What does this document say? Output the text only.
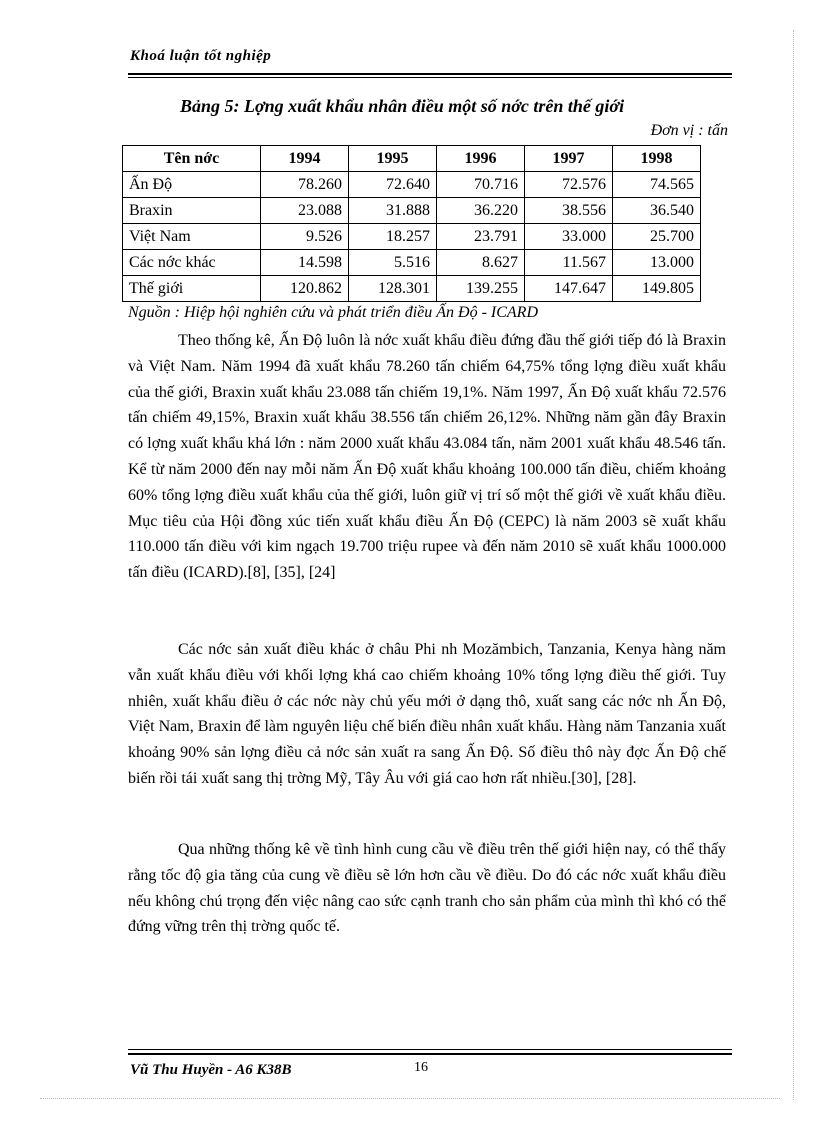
Khoá luận tốt nghiệp
Bảng 5: Lợng xuất khẩu nhân điều một số nớc trên thế giới
Đơn vị : tấn
Tên nớc	1994	1995	1996	1997	1998
Ấn Độ	78.260	72.640	70.716	72.576	74.565
Braxin	23.088	31.888	36.220	38.556	36.540
Việt Nam	9.526	18.257	23.791	33.000	25.700
Các nớc khác	14.598	5.516	8.627	11.567	13.000
Thế giới	120.862	128.301	139.255	147.647	149.805
Nguồn : Hiệp hội nghiên cứu và phát triển điều Ấn Độ - ICARD

Theo thống kê, Ấn Độ luôn là nớc xuất khẩu điều đứng đầu thế giới tiếp đó là Braxin và Việt Nam. Năm 1994 đã xuất khẩu 78.260 tấn chiếm 64,75% tổng lợng điều xuất khẩu của thế giới, Braxin xuất khẩu 23.088 tấn chiếm 19,1%. Năm 1997, Ấn Độ xuất khẩu 72.576 tấn chiếm 49,15%, Braxin xuất khẩu 38.556 tấn chiếm 26,12%. Những năm gần đây Braxin có lợng xuất khẩu khá lớn : năm 2000 xuất khẩu 43.084 tấn, năm 2001 xuất khẩu 48.546 tấn. Kể từ năm 2000 đến nay mỗi năm Ấn Độ xuất khẩu khoảng 100.000 tấn điều, chiếm khoảng 60% tổng lợng điều xuất khẩu của thế giới, luôn giữ vị trí số một thế giới về xuất khẩu điều. Mục tiêu của Hội đồng xúc tiến xuất khẩu điều Ấn Độ (CEPC) là năm 2003 sẽ xuất khẩu 110.000 tấn điều với kim ngạch 19.700 triệu rupee và đến năm 2010 sẽ xuất khẩu 1000.000 tấn điều (ICARD).[8], [35], [24]

Các nớc sản xuất điều khác ở châu Phi nh Mozămbich, Tanzania, Kenya hàng năm vẫn xuất khẩu điều với khối lợng khá cao chiếm khoảng 10% tổng lợng điều thế giới. Tuy nhiên, xuất khẩu điều ở các nớc này chủ yếu mới ở dạng thô, xuất sang các nớc nh Ấn Độ, Việt Nam, Braxin để làm nguyên liệu chế biến điều nhân xuất khẩu. Hàng năm Tanzania xuất khoảng 90% sản lợng điều cả nớc sản xuất ra sang Ấn Độ. Số điều thô này đợc Ấn Độ chế biến rồi tái xuất sang thị trờng Mỹ, Tây Âu với giá cao hơn rất nhiều.[30], [28].

Qua những thống kê về tình hình cung cầu về điều trên thế giới hiện nay, có thể thấy rằng tốc độ gia tăng của cung về điều sẽ lớn hơn cầu về điều. Do đó các nớc xuất khẩu điều nếu không chú trọng đến việc nâng cao sức cạnh tranh cho sản phẩm của mình thì khó có thể đứng vững trên thị trờng quốc tế.

Vũ Thu Huyền - A6 K38B	16
